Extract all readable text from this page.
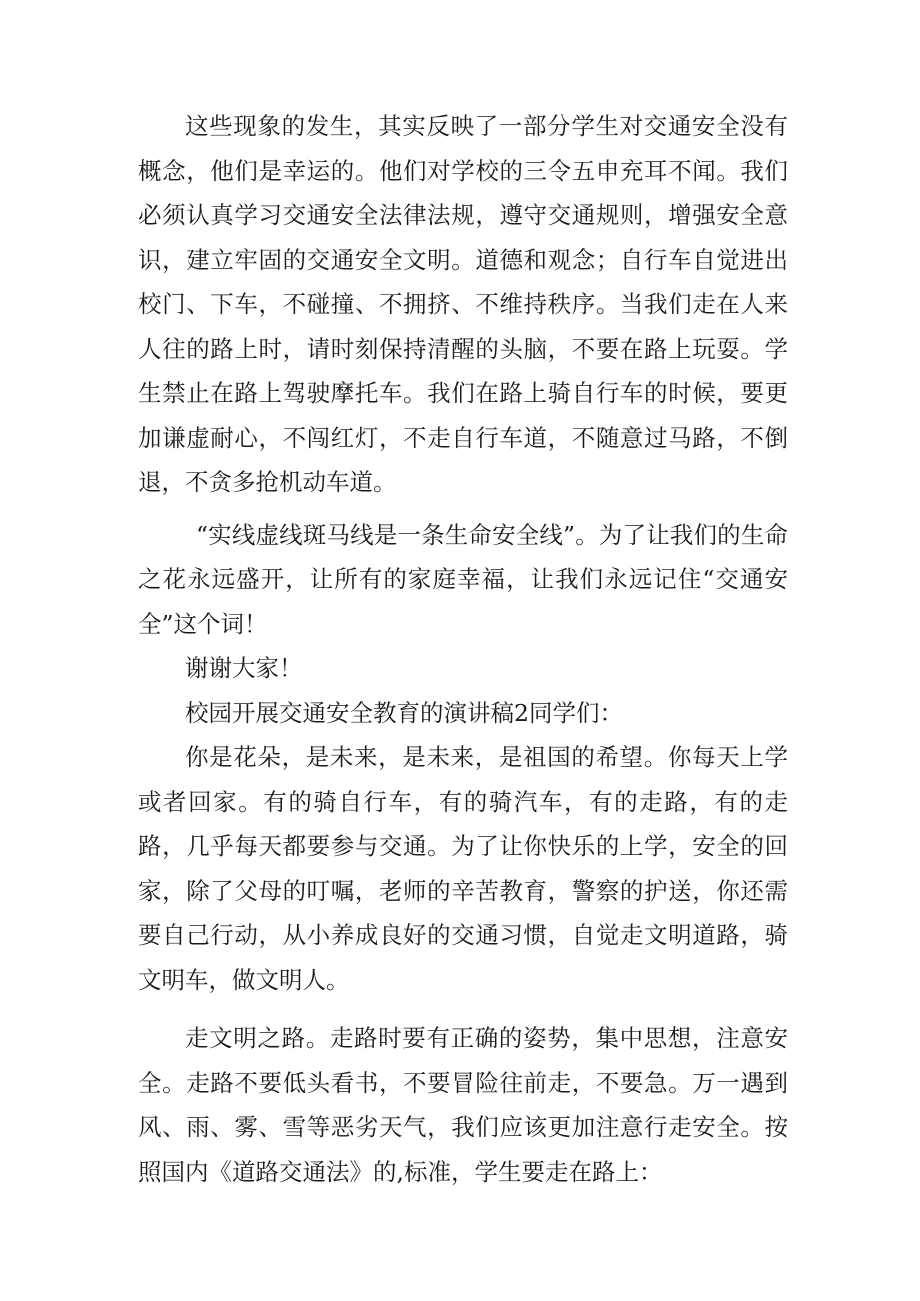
这些现象的发生，其实反映了一部分学生对交通安全没有概念，他们是幸运的。他们对学校的三令五申充耳不闻。我们必须认真学习交通安全法律法规，遵守交通规则，增强安全意识，建立牢固的交通安全文明。道德和观念；自行车自觉进出校门、下车，不碰撞、不拥挤、不维持秩序。当我们走在人来人往的路上时，请时刻保持清醒的头脑，不要在路上玩耍。学生禁止在路上驾驶摩托车。我们在路上骑自行车的时候，要更加谦虚耐心，不闯红灯，不走自行车道，不随意过马路，不倒退，不贪多抢机动车道。

“实线虚线斑马线是一条生命安全线”。为了让我们的生命之花永远盛开，让所有的家庭幸福，让我们永远记住“交通安全”这个词！

谢谢大家！

校园开展交通安全教育的演讲稿2同学们：

你是花朵，是未来，是未来，是祖国的希望。你每天上学或者回家。有的骑自行车，有的骑汽车，有的走路，有的走路，几乎每天都要参与交通。为了让你快乐的上学，安全的回家，除了父母的叮嘱，老师的辛苦教育，警察的护送，你还需要自己行动，从小养成良好的交通习惯，自觉走文明道路，骑文明车，做文明人。

走文明之路。走路时要有正确的姿势，集中思想，注意安全。走路不要低头看书，不要冒险往前走，不要急。万一遇到风、雨、雾、雪等恶劣天气，我们应该更加注意行走安全。按照国内《道路交通法》的,标准，学生要走在路上：
